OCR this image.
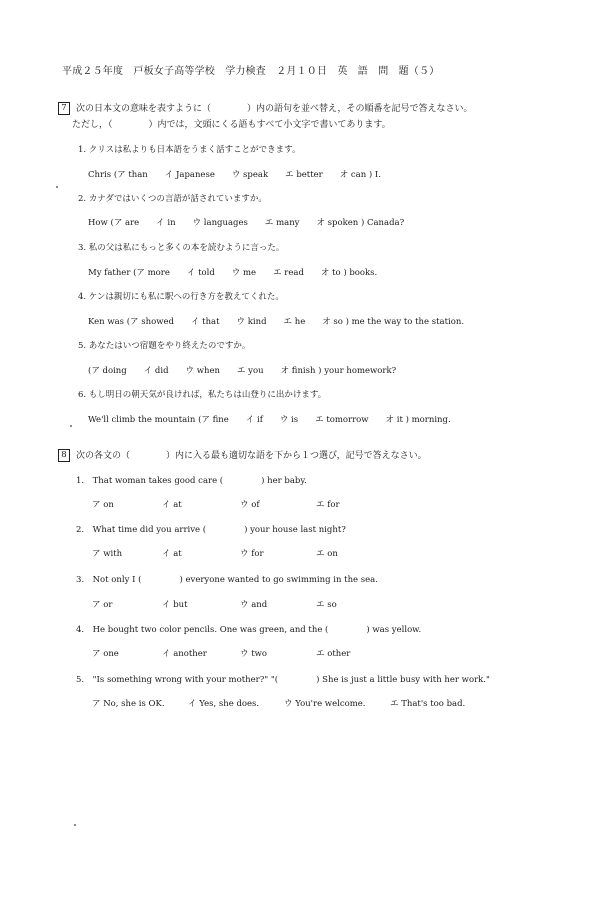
平成２５年度　戸板女子高等学校　学力検査　２月１０日　英　語　問　題（５）
7 次の日本文の意味を表すように（　　　　）内の語句を並べ替え，その順番を記号で答えなさい。
ただし，（　　　　）内では，文頭にくる語もすべて小文字で書いてあります。
1. クリスは私よりも日本語をうまく話すことができます。
Chris (ア than　　イ Japanese　　ウ speak　　エ better　　オ can ) I.
2. カナダではいくつの言語が話されていますか。
How (ア are　　イ in　　ウ languages　　エ many　　オ spoken ) Canada?
3. 私の父は私にもっと多くの本を読むように言った。
My father (ア more　　イ told　　ウ me　　エ read　　オ to ) books.
4. ケンは親切にも私に駅への行き方を教えてくれた。
Ken was (ア showed　　イ that　　ウ kind　　エ he　　オ so ) me the way to the station.
5. あなたはいつ宿題をやり終えたのですか。
(ア doing　　イ did　　ウ when　　エ you　　オ finish ) your homework?
6. もし明日の朝天気が良ければ，私たちは山登りに出かけます。
We'll climb the mountain (ア fine　　イ if　　ウ is　　エ tomorrow　　オ it ) morning.
8 次の各文の（　　　　）内に入る最も適切な語を下から１つ選び，記号で答えなさい。
1.　That woman takes good care (	) her baby.
ア on	イ at	ウ of	エ for
2.　What time did you arrive (	) your house last night?
ア with	イ at	ウ for	エ on
3.　Not only I (	) everyone wanted to go swimming in the sea.
ア or	イ but	ウ and	エ so
4.　He bought two color pencils. One was green, and the (	) was yellow.
ア one	イ another	ウ two	エ other
5.　"Is something wrong with your mother?" "(	) She is just a little busy with her work."
ア No, she is OK.	イ Yes, she does.	ウ You're welcome.	エ That's too bad.
